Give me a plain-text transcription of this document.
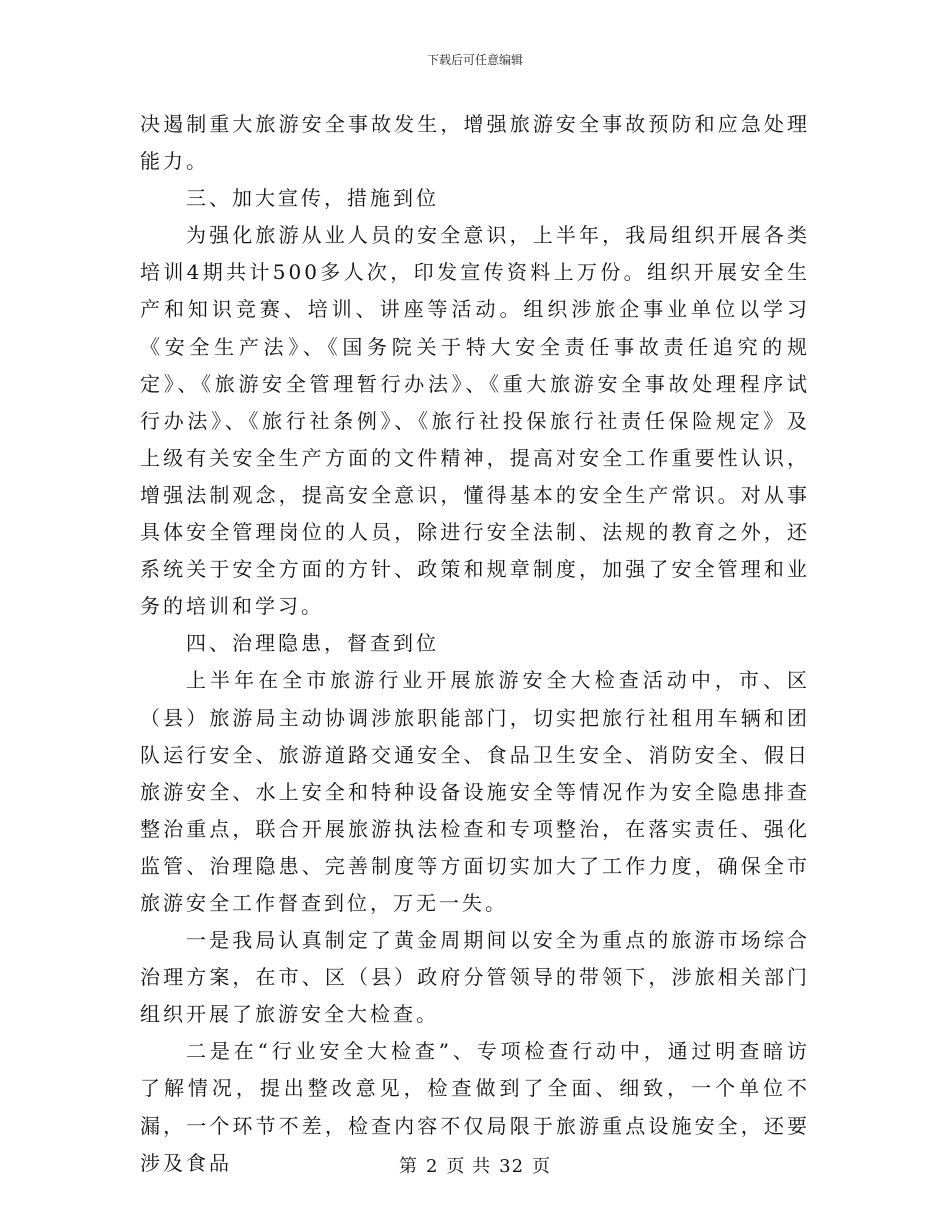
下载后可任意编辑

决遏制重大旅游安全事故发生，增强旅游安全事故预防和应急处理能力。

三、加大宣传，措施到位

为强化旅游从业人员的安全意识，上半年，我局组织开展各类培训4期共计500多人次，印发宣传资料上万份。组织开展安全生产和知识竞赛、培训、讲座等活动。组织涉旅企事业单位以学习《安全生产法》、《国务院关于特大安全责任事故责任追究的规定》、《旅游安全管理暂行办法》、《重大旅游安全事故处理程序试行办法》、《旅行社条例》、《旅行社投保旅行社责任保险规定》及上级有关安全生产方面的文件精神，提高对安全工作重要性认识，增强法制观念，提高安全意识，懂得基本的安全生产常识。对从事具体安全管理岗位的人员，除进行安全法制、法规的教育之外，还系统关于安全方面的方针、政策和规章制度，加强了安全管理和业务的培训和学习。

四、治理隐患，督查到位

上半年在全市旅游行业开展旅游安全大检查活动中，市、区（县）旅游局主动协调涉旅职能部门，切实把旅行社租用车辆和团队运行安全、旅游道路交通安全、食品卫生安全、消防安全、假日旅游安全、水上安全和特种设备设施安全等情况作为安全隐患排查整治重点，联合开展旅游执法检查和专项整治，在落实责任、强化监管、治理隐患、完善制度等方面切实加大了工作力度，确保全市旅游安全工作督查到位，万无一失。

一是我局认真制定了黄金周期间以安全为重点的旅游市场综合治理方案，在市、区（县）政府分管领导的带领下，涉旅相关部门组织开展了旅游安全大检查。

二是在“行业安全大检查”、专项检查行动中，通过明查暗访了解情况，提出整改意见，检查做到了全面、细致，一个单位不漏，一个环节不差，检查内容不仅局限于旅游重点设施安全，还要涉及食品	第 2 页 共 32 页
